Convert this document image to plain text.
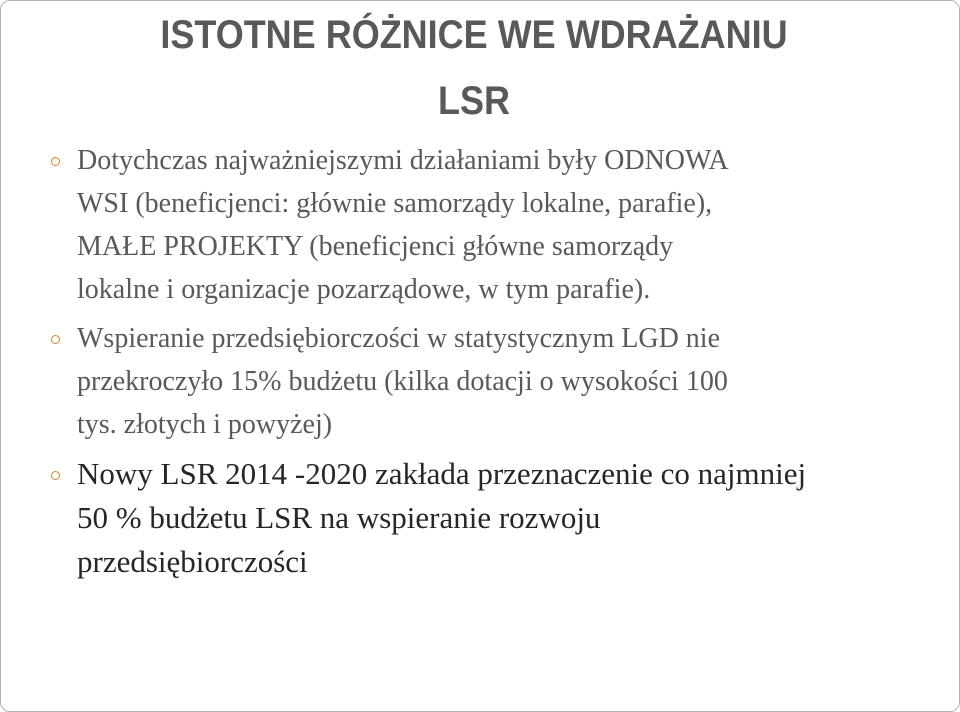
ISTOTNE RÓŻNICE WE WDRAŻANIU
LSR
Dotychczas najważniejszymi działaniami były ODNOWA
WSI (beneficjenci: głównie samorządy lokalne, parafie),
MAŁE PROJEKTY (beneficjenci główne samorządy
lokalne i organizacje pozarządowe, w tym parafie).
Wspieranie przedsiębiorczości w statystycznym LGD nie
przekroczyło 15% budżetu (kilka dotacji o wysokości 100
tys. złotych i powyżej)
Nowy LSR 2014 -2020 zakłada przeznaczenie co najmniej
50 % budżetu LSR na wspieranie rozwoju
przedsiębiorczości
